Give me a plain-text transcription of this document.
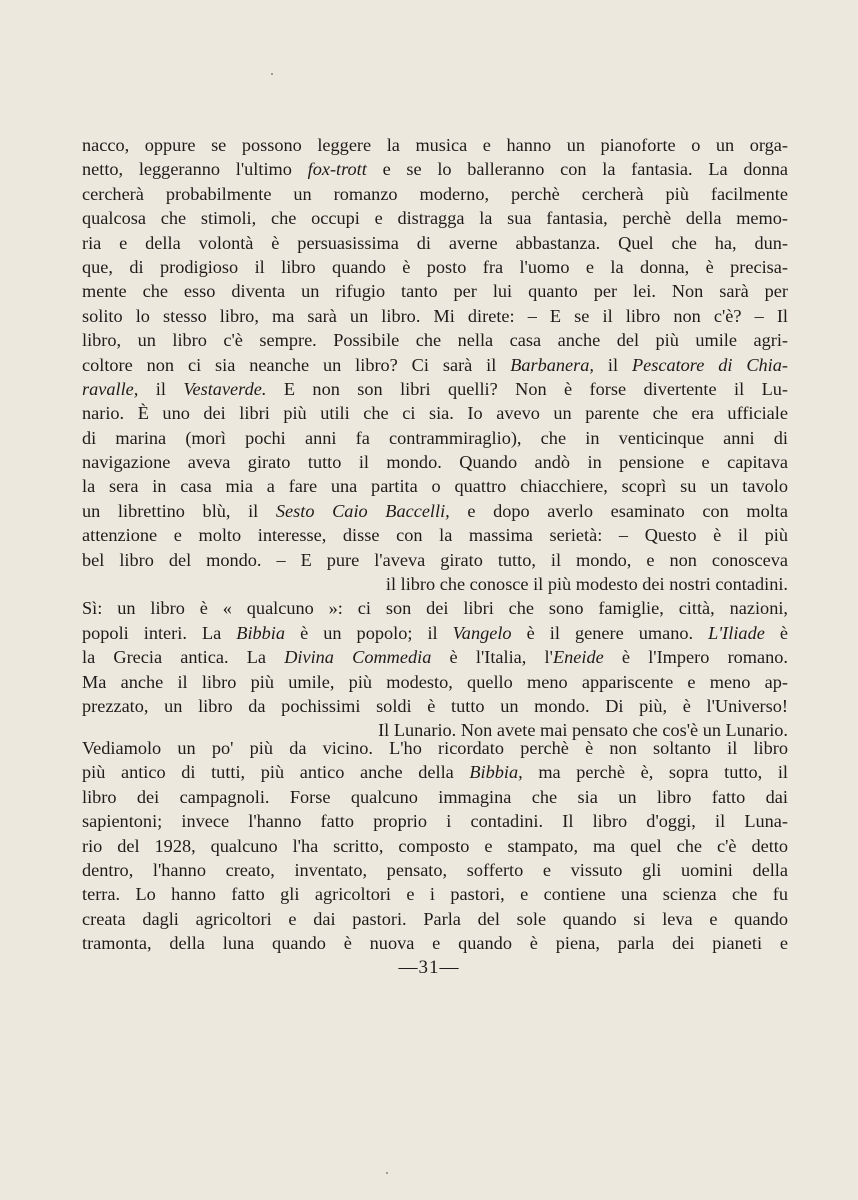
nacco, oppure se possono leggere la musica e hanno un pianoforte o un orga-
netto, leggeranno l'ultimo fox-trott e se lo balleranno con la fantasia. La donna
cercherà probabilmente un romanzo moderno, perchè cercherà più facilmente
qualcosa che stimoli, che occupi e distragga la sua fantasia, perchè della memo-
ria e della volontà è persuasissima di averne abbastanza. Quel che ha, dun-
que, di prodigioso il libro quando è posto fra l'uomo e la donna, è precisa-
mente che esso diventa un rifugio tanto per lui quanto per lei. Non sarà per
solito lo stesso libro, ma sarà un libro. Mi direte: – E se il libro non c'è? – Il
libro, un libro c'è sempre. Possibile che nella casa anche del più umile agri-
coltore non ci sia neanche un libro? Ci sarà il Barbanera, il Pescatore di Chia-
ravalle, il Vestaverde. E non son libri quelli? Non è forse divertente il Lu-
nario. È uno dei libri più utili che ci sia. Io avevo un parente che era ufficiale
di marina (morì pochi anni fa contrammiraglio), che in venticinque anni di
navigazione aveva girato tutto il mondo. Quando andò in pensione e capitava
la sera in casa mia a fare una partita o quattro chiacchiere, scoprì su un tavolo
un librettino blù, il Sesto Caio Baccelli, e dopo averlo esaminato con molta
attenzione e molto interesse, disse con la massima serietà: – Questo è il più
bel libro del mondo. – E pure l'aveva girato tutto, il mondo, e non conosceva
il libro che conosce il più modesto dei nostri contadini.
Sì: un libro è « qualcuno »: ci son dei libri che sono famiglie, città, nazioni,
popoli interi. La Bibbia è un popolo; il Vangelo è il genere umano. L'Iliade è
la Grecia antica. La Divina Commedia è l'Italia, l'Eneide è l'Impero romano.
Ma anche il libro più umile, più modesto, quello meno appariscente e meno ap-
prezzato, un libro da pochissimi soldi è tutto un mondo. Di più, è l'Universo!
Il Lunario. Non avete mai pensato che cos'è un Lunario.
Vediamolo un po' più da vicino. L'ho ricordato perchè è non soltanto il libro
più antico di tutti, più antico anche della Bibbia, ma perchè è, sopra tutto, il
libro dei campagnoli. Forse qualcuno immagina che sia un libro fatto dai
sapientoni; invece l'hanno fatto proprio i contadini. Il libro d'oggi, il Luna-
rio del 1928, qualcuno l'ha scritto, composto e stampato, ma quel che c'è detto
dentro, l'hanno creato, inventato, pensato, sofferto e vissuto gli uomini della
terra. Lo hanno fatto gli agricoltori e i pastori, e contiene una scienza che fu
creata dagli agricoltori e dai pastori. Parla del sole quando si leva e quando
tramonta, della luna quando è nuova e quando è piena, parla dei pianeti e
—31—
